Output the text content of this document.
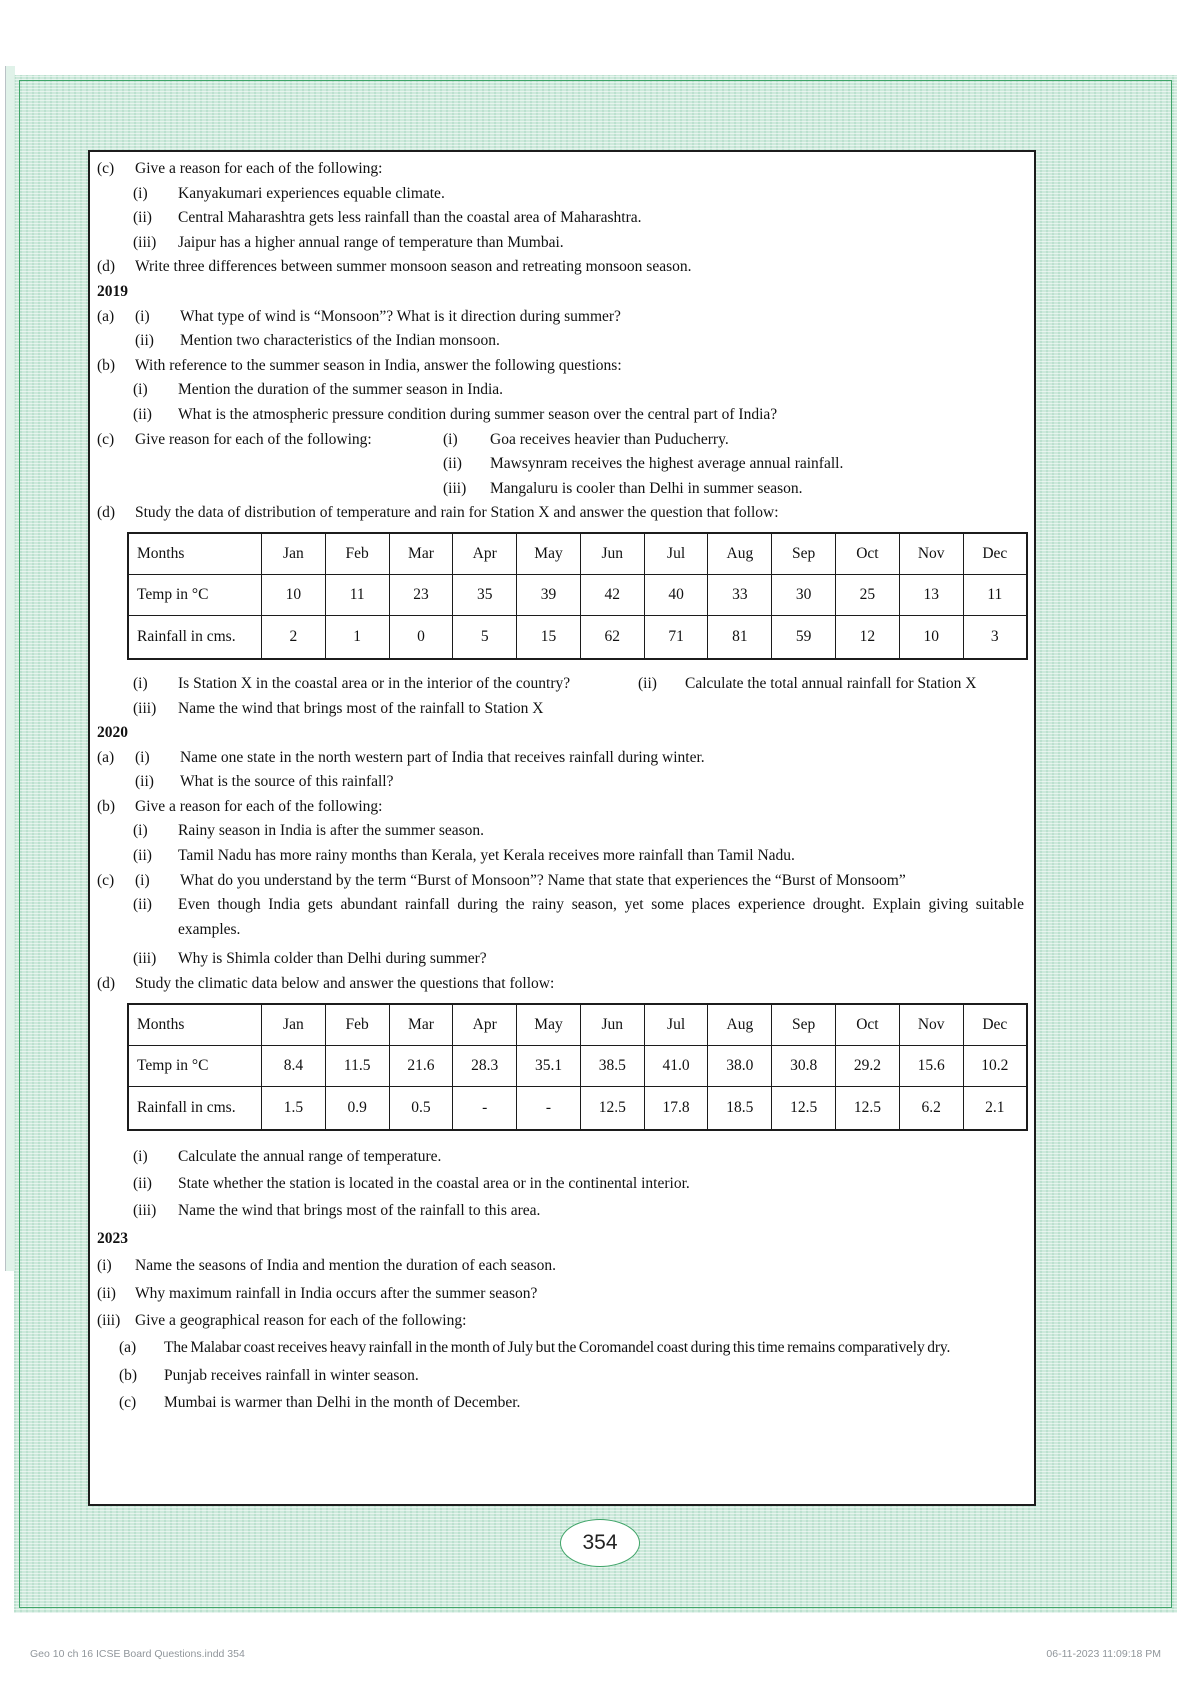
(c)	Give a reason for each of the following:
(i)	Kanyakumari experiences equable climate.
(ii)	Central Maharashtra gets less rainfall than the coastal area of Maharashtra.
(iii)	Jaipur has a higher annual range of temperature than Mumbai.
(d)	Write three differences between summer monsoon season and retreating monsoon season.
2019
(a)	(i)	What type of wind is “Monsoon”? What is it direction during summer?
(ii)	Mention two characteristics of the Indian monsoon.
(b)	With reference to the summer season in India, answer the following questions:
(i)	Mention the duration of the summer season in India.
(ii)	What is the atmospheric pressure condition during summer season over the central part of India?
(c)	Give reason for each of the following:	(i)	Goa receives heavier than Puducherry.
(ii)	Mawsynram receives the highest average annual rainfall.
(iii)	Mangaluru is cooler than Delhi in summer season.
(d)	Study the data of distribution of temperature and rain for Station X and answer the question that follow:
Months	Jan	Feb	Mar	Apr	May	Jun	Jul	Aug	Sep	Oct	Nov	Dec
Temp in °C	10	11	23	35	39	42	40	33	30	25	13	11
Rainfall in cms.	2	1	0	5	15	62	71	81	59	12	10	3
(i)	Is Station X in the coastal area or in the interior of the country?	(ii)	Calculate the total annual rainfall for Station X
(iii)	Name the wind that brings most of the rainfall to Station X
2020
(a)	(i)	Name one state in the north western part of India that receives rainfall during winter.
(ii)	What is the source of this rainfall?
(b)	Give a reason for each of the following:
(i)	Rainy season in India is after the summer season.
(ii)	Tamil Nadu has more rainy months than Kerala, yet Kerala receives more rainfall than Tamil Nadu.
(c)	(i)	What do you understand by the term “Burst of Monsoon”? Name that state that experiences the “Burst of Monsoom”
(ii)	Even though India gets abundant rainfall during the rainy season, yet some places experience drought. Explain giving suitable examples.
(iii)	Why is Shimla colder than Delhi during summer?
(d)	Study the climatic data below and answer the questions that follow:
Months	Jan	Feb	Mar	Apr	May	Jun	Jul	Aug	Sep	Oct	Nov	Dec
Temp in °C	8.4	11.5	21.6	28.3	35.1	38.5	41.0	38.0	30.8	29.2	15.6	10.2
Rainfall in cms.	1.5	0.9	0.5	-	-	12.5	17.8	18.5	12.5	12.5	6.2	2.1
(i)	Calculate the annual range of temperature.
(ii)	State whether the station is located in the coastal area or in the continental interior.
(iii)	Name the wind that brings most of the rainfall to this area.
2023
(i)	Name the seasons of India and mention the duration of each season.
(ii)	Why maximum rainfall in India occurs after the summer season?
(iii) Give a geographical reason for each of the following:
(a)	The Malabar coast receives heavy rainfall in the month of July but the Coromandel coast during this time remains comparatively dry.
(b)	Punjab receives rainfall in winter season.
(c)	Mumbai is warmer than Delhi in the month of December.
354
Geo 10 ch 16 ICSE Board Questions.indd 354	06-11-2023 11:09:18 PM
